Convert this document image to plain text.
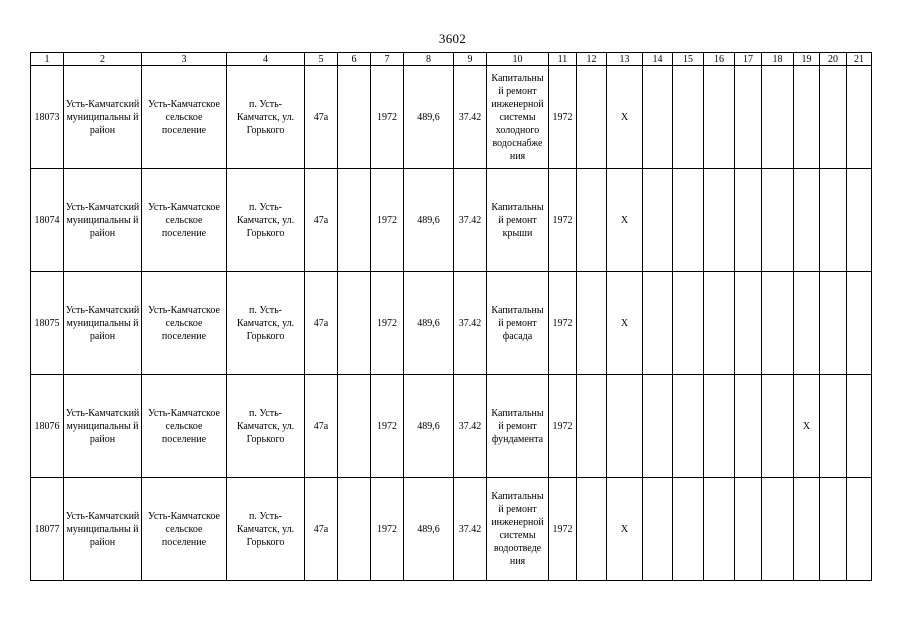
3602
1	2	3	4	5	6	7	8	9	10	11	12	13	14	15	16	17	18	19	20	21
18073	Усть-Камчатский муниципальны й район	Усть-Камчатское сельское поселение	п. Усть-Камчатск, ул. Горького	47а		1972	489,6	37.42	Капитальны й ремонт инженерной системы холодного водоснабже ния	1972		X								
18074	Усть-Камчатский муниципальны й район	Усть-Камчатское сельское поселение	п. Усть-Камчатск, ул. Горького	47а		1972	489,6	37.42	Капитальны й ремонт крыши	1972		X								
18075	Усть-Камчатский муниципальны й район	Усть-Камчатское сельское поселение	п. Усть-Камчатск, ул. Горького	47а		1972	489,6	37.42	Капитальны й ремонт фасада	1972		X								
18076	Усть-Камчатский муниципальны й район	Усть-Камчатское сельское поселение	п. Усть-Камчатск, ул. Горького	47а		1972	489,6	37.42	Капитальны й ремонт фундамента	1972								X		
18077	Усть-Камчатский муниципальны й район	Усть-Камчатское сельское поселение	п. Усть-Камчатск, ул. Горького	47а		1972	489,6	37.42	Капитальны й ремонт инженерной системы водоотведе ния	1972		X								
